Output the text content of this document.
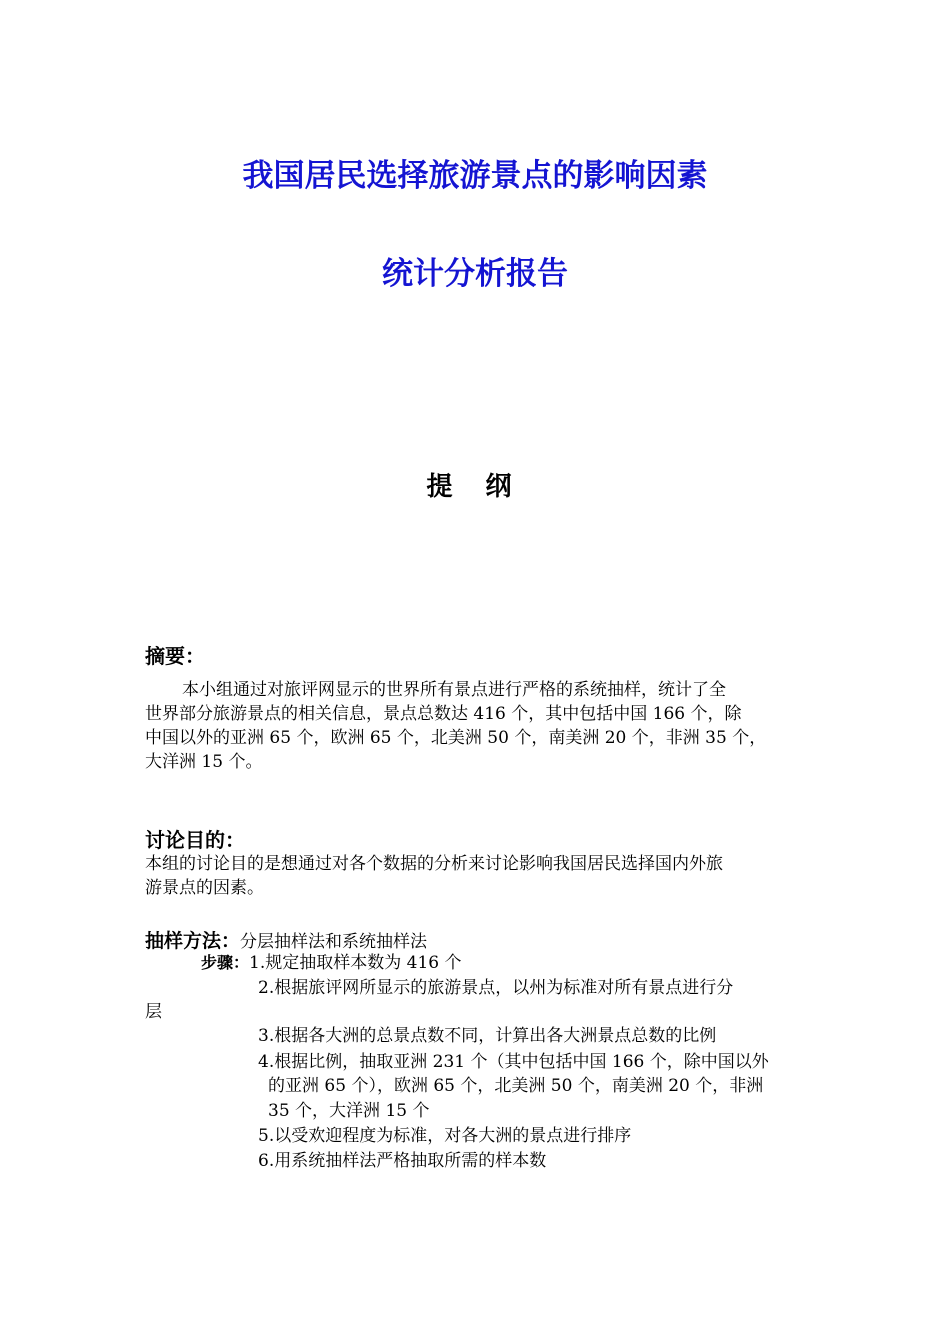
我国居民选择旅游景点的影响因素
统计分析报告
提 纲
摘要：
本小组通过对旅评网显示的世界所有景点进行严格的系统抽样，统计了全
世界部分旅游景点的相关信息，景点总数达 416 个，其中包括中国 166 个，除
中国以外的亚洲 65 个，欧洲 65 个，北美洲 50 个，南美洲 20 个，非洲 35 个，
大洋洲 15 个。
讨论目的：
本组的讨论目的是想通过对各个数据的分析来讨论影响我国居民选择国内外旅
游景点的因素。
抽样方法：分层抽样法和系统抽样法
步骤：1.规定抽取样本数为 416 个
2.根据旅评网所显示的旅游景点，以州为标准对所有景点进行分
层
3.根据各大洲的总景点数不同，计算出各大洲景点总数的比例
4.根据比例，抽取亚洲 231 个（其中包括中国 166 个，除中国以外
的亚洲 65 个），欧洲 65 个，北美洲 50 个，南美洲 20 个，非洲
35 个，大洋洲 15 个
5.以受欢迎程度为标准，对各大洲的景点进行排序
6.用系统抽样法严格抽取所需的样本数
